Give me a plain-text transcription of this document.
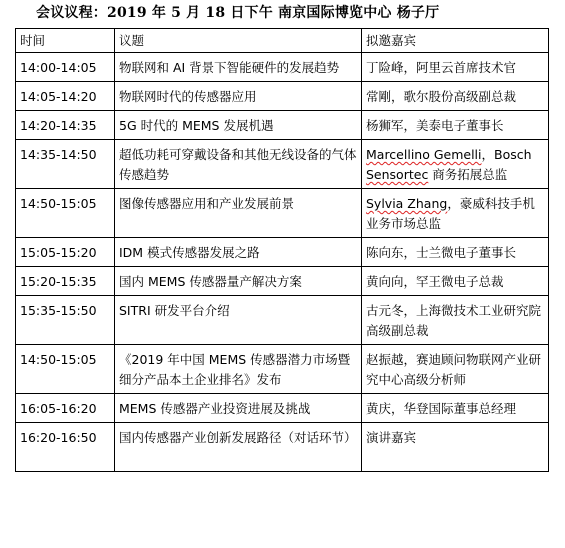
会议议程：2019 年 5 月 18 日下午 南京国际博览中心 杨子厅
时间	议题	拟邀嘉宾
14:00-14:05	物联网和 AI 背景下智能硬件的发展趋势	丁险峰，阿里云首席技术官
14:05-14:20	物联网时代的传感器应用	常剛，歌尔股份高级副总裁
14:20-14:35	5G 时代的 MEMS 发展机遇	杨狮军，美泰电子董事长
14:35-14:50	超低功耗可穿戴设备和其他无线设备的气体传感趋势	Marcellino Gemelli，Bosch Sensortec 商务拓展总监
14:50-15:05	图像传感器应用和产业发展前景	Sylvia Zhang，豪威科技手机业务市场总监
15:05-15:20	IDM 模式传感器发展之路	陈向东，士兰微电子董事长
15:20-15:35	国内 MEMS 传感器量产解决方案	黄向向，罕王微电子总裁
15:35-15:50	SITRI 研发平台介绍	古元冬，上海微技术工业研究院高级副总裁
14:50-15:05	《2019 年中国 MEMS 传感器潜力市场暨细分产品本土企业排名》发布	赵振越，赛迪顾问物联网产业研究中心高级分析师
16:05-16:20	MEMS 传感器产业投资进展及挑战	黄庆，华登国际董事总经理
16:20-16:50	国内传感器产业创新发展路径（对话环节）	演讲嘉宾
